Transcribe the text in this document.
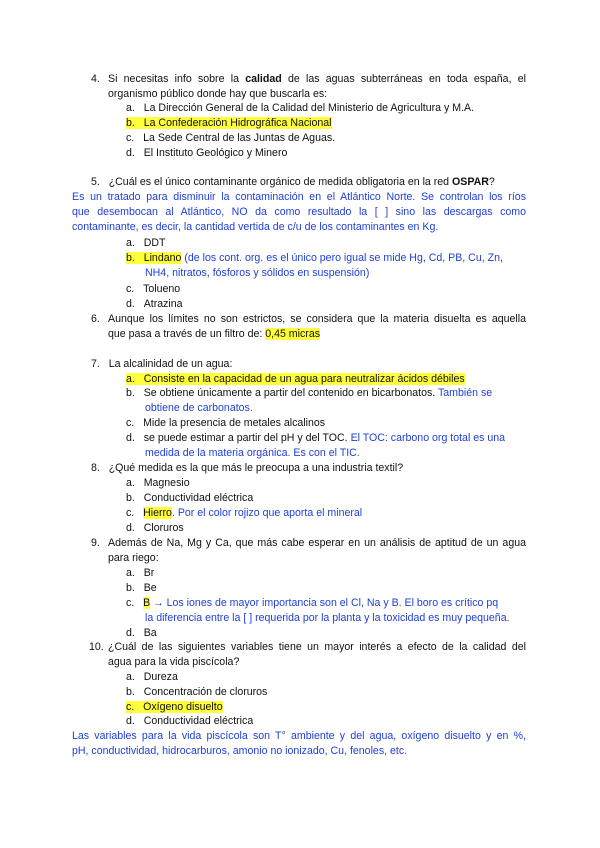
4. Si necesitas info sobre la calidad de las aguas subterráneas en toda españa, el
organismo público donde hay que buscarla es:
a. La Dirección General de la Calidad del Ministerio de Agricultura y M.A.
b. La Confederación Hidrográfica Nacional
c. La Sede Central de las Juntas de Aguas.
d. El Instituto Geológico y Minero
5. ¿Cuál es el único contaminante orgánico de medida obligatoria en la red OSPAR?
Es un tratado para disminuir la contaminación en el Atlántico Norte. Se controlan los ríos
que desembocan al Atlántico, NO da como resultado la [ ] sino las descargas como
contaminante, es decir, la cantidad vertida de c/u de los contaminantes en Kg.
a. DDT
b. Lindano (de los cont. org. es el único pero igual se mide Hg, Cd, PB, Cu, Zn,
NH4, nitratos, fósforos y sólidos en suspensión)
c. Tolueno
d. Atrazina
6. Aunque los límites no son estrictos, se considera que la materia disuelta es aquella
que pasa a través de un filtro de: 0,45 micras
7. La alcalinidad de un agua:
a. Consiste en la capacidad de un agua para neutralizar ácidos débiles
b. Se obtiene únicamente a partir del contenido en bicarbonatos. También se
obtiene de carbonatos.
c. Mide la presencia de metales alcalinos
d. se puede estimar a partir del pH y del TOC. El TOC: carbono org total es una
medida de la materia orgánica. Es con el TIC.
8. ¿Qué medida es la que más le preocupa a una industria textil?
a. Magnesio
b. Conductividad eléctrica
c. Hierro. Por el color rojizo que aporta el mineral
d. Cloruros
9. Además de Na, Mg y Ca, que más cabe esperar en un análisis de aptitud de un agua
para riego:
a. Br
b. Be
c. B → Los iones de mayor importancia son el Cl, Na y B. El boro es crítico pq
la diferencia entre la [ ] requerida por la planta y la toxicidad es muy pequeña.
d. Ba
10. ¿Cuál de las siguientes variables tiene un mayor interés a efecto de la calidad del
agua para la vida piscícola?
a. Dureza
b. Concentración de cloruros
c. Oxígeno disuelto
d. Conductividad eléctrica
Las variables para la vida piscícola son T° ambiente y del agua, oxígeno disuelto y en %,
pH, conductividad, hidrocarburos, amonio no ionizado, Cu, fenoles, etc.
